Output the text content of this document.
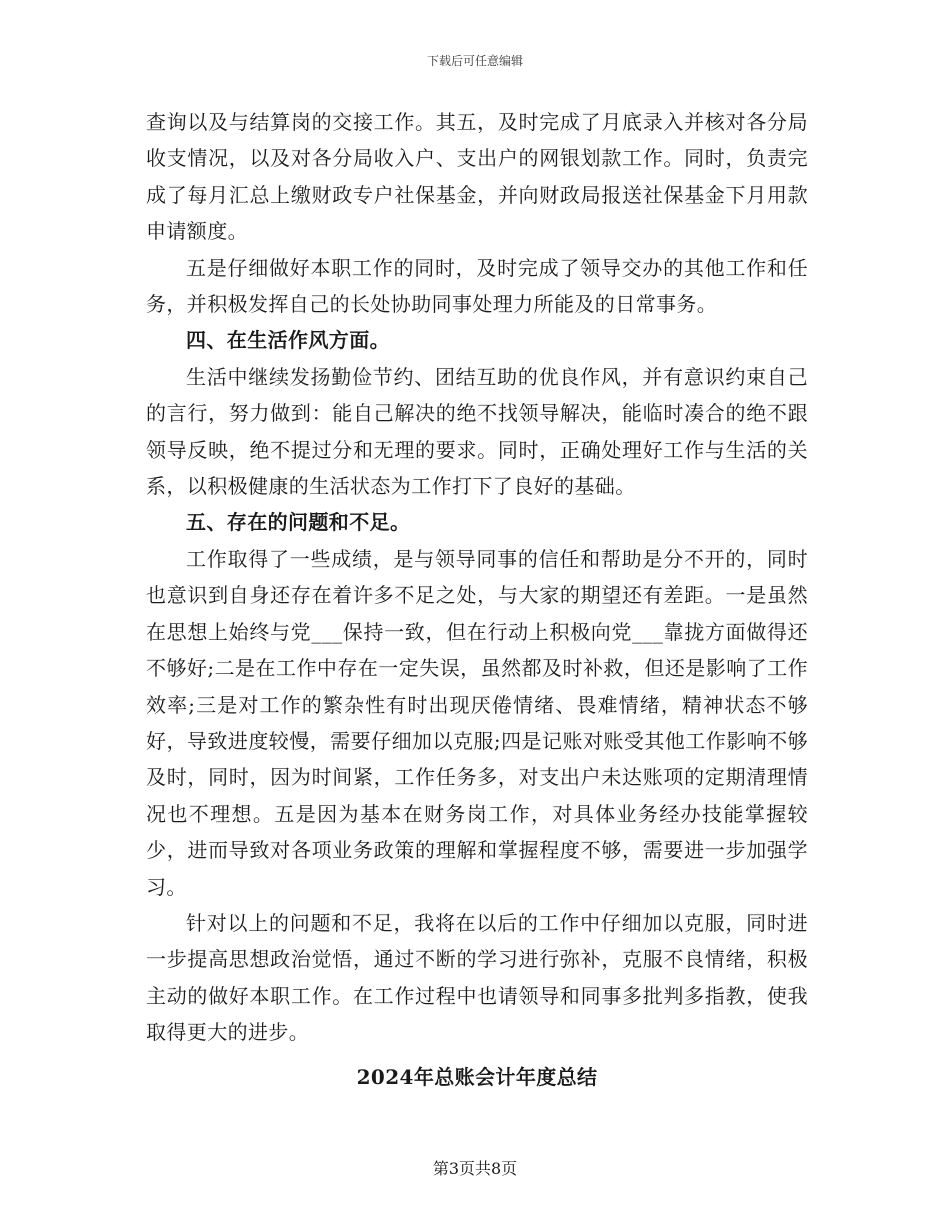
下载后可任意编辑

查询以及与结算岗的交接工作。其五，及时完成了月底录入并核对各分局收支情况，以及对各分局收入户、支出户的网银划款工作。同时，负责完成了每月汇总上缴财政专户社保基金，并向财政局报送社保基金下月用款申请额度。

五是仔细做好本职工作的同时，及时完成了领导交办的其他工作和任务，并积极发挥自己的长处协助同事处理力所能及的日常事务。

四、在生活作风方面。

生活中继续发扬勤俭节约、团结互助的优良作风，并有意识约束自己的言行，努力做到：能自己解决的绝不找领导解决，能临时凑合的绝不跟领导反映，绝不提过分和无理的要求。同时，正确处理好工作与生活的关系，以积极健康的生活状态为工作打下了良好的基础。

五、存在的问题和不足。

工作取得了一些成绩，是与领导同事的信任和帮助是分不开的，同时也意识到自身还存在着许多不足之处，与大家的期望还有差距。一是虽然在思想上始终与党___保持一致，但在行动上积极向党___靠拢方面做得还不够好;二是在工作中存在一定失误，虽然都及时补救，但还是影响了工作效率;三是对工作的繁杂性有时出现厌倦情绪、畏难情绪，精神状态不够好，导致进度较慢，需要仔细加以克服;四是记账对账受其他工作影响不够及时，同时，因为时间紧，工作任务多，对支出户未达账项的定期清理情况也不理想。五是因为基本在财务岗工作，对具体业务经办技能掌握较少，进而导致对各项业务政策的理解和掌握程度不够，需要进一步加强学习。

针对以上的问题和不足，我将在以后的工作中仔细加以克服，同时进一步提高思想政治觉悟，通过不断的学习进行弥补，克服不良情绪，积极主动的做好本职工作。在工作过程中也请领导和同事多批判多指教，使我取得更大的进步。

2024年总账会计年度总结
第3页共8页
